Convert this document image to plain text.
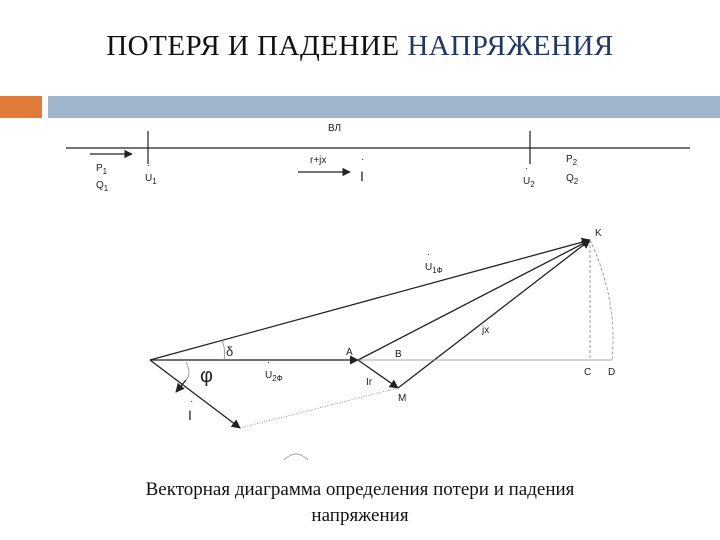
ПОТЕРЯ И ПАДЕНИЕ НАПРЯЖЕНИЯ
ВЛ
r+jx
I
·
$P_1$
$Q_1$
$U_1$
·
$U_2$
·
$P_2$
$Q_2$
K
A	B
C D
M
$U_{1Ф}$
·
$U_{2Ф}$
·
jx
Ir
I
·
φ
δ
Векторная диаграмма определения потери и падения
напряжения
